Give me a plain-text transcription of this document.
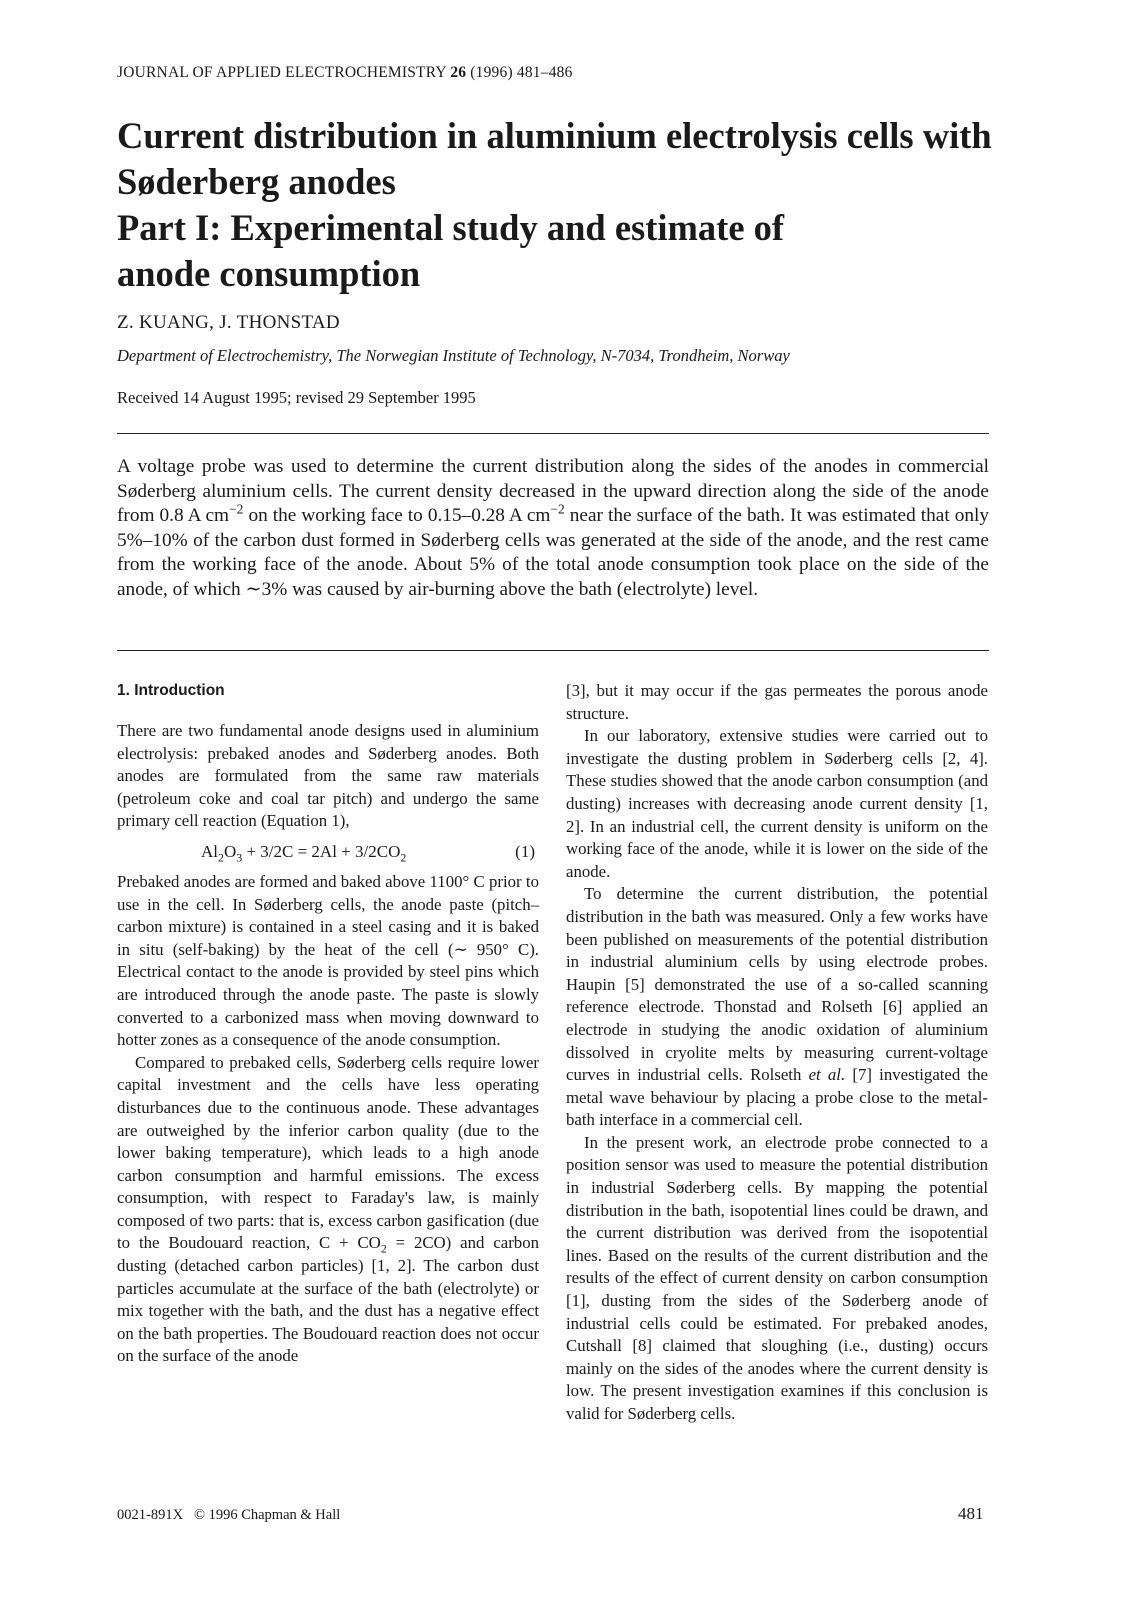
JOURNAL OF APPLIED ELECTROCHEMISTRY 26 (1996) 481–486
Current distribution in aluminium electrolysis cells with
Søderberg anodes
Part I: Experimental study and estimate of
anode consumption
Z. KUANG, J. THONSTAD
Department of Electrochemistry, The Norwegian Institute of Technology, N-7034, Trondheim, Norway
Received 14 August 1995; revised 29 September 1995

A voltage probe was used to determine the current distribution along the sides of the anodes in commercial Søderberg aluminium cells. The current density decreased in the upward direction along the side of the anode from 0.8 A $cm^{-2}$ on the working face to 0.15–0.28 A $cm^{-2}$ near the surface of the bath. It was estimated that only 5%–10% of the carbon dust formed in Søderberg cells was generated at the side of the anode, and the rest came from the working face of the anode. About 5% of the total anode consumption took place on the side of the anode, of which ∼3% was caused by air-burning above the bath (electrolyte) level.

1. Introduction

There are two fundamental anode designs used in aluminium electrolysis: prebaked anodes and Søderberg anodes. Both anodes are formulated from the same raw materials (petroleum coke and coal tar pitch) and undergo the same primary cell reaction (Equation 1),

$Al_2O_3 + 3/2C = 2Al + 3/2CO_2$	(1)

Prebaked anodes are formed and baked above 1100° C prior to use in the cell. In Søderberg cells, the anode paste (pitch–carbon mixture) is contained in a steel casing and it is baked in situ (self-baking) by the heat of the cell (∼ 950° C). Electrical contact to the anode is provided by steel pins which are introduced through the anode paste. The paste is slowly converted to a carbonized mass when moving downward to hotter zones as a consequence of the anode consumption.

Compared to prebaked cells, Søderberg cells require lower capital investment and the cells have less operating disturbances due to the continuous anode. These advantages are outweighed by the inferior carbon quality (due to the lower baking temperature), which leads to a high anode carbon consumption and harmful emissions. The excess consumption, with respect to Faraday's law, is mainly composed of two parts: that is, excess carbon gasification (due to the Boudouard reaction, $C + CO_2 = 2CO$) and carbon dusting (detached carbon particles) [1, 2]. The carbon dust particles accumulate at the surface of the bath (electrolyte) or mix together with the bath, and the dust has a negative effect on the bath properties. The Boudouard reaction does not occur on the surface of the anode

[3], but it may occur if the gas permeates the porous anode structure.

In our laboratory, extensive studies were carried out to investigate the dusting problem in Søderberg cells [2, 4]. These studies showed that the anode carbon consumption (and dusting) increases with decreasing anode current density [1, 2]. In an industrial cell, the current density is uniform on the working face of the anode, while it is lower on the side of the anode.

To determine the current distribution, the potential distribution in the bath was measured. Only a few works have been published on measurements of the potential distribution in industrial aluminium cells by using electrode probes. Haupin [5] demonstrated the use of a so-called scanning reference electrode. Thonstad and Rolseth [6] applied an electrode in studying the anodic oxidation of aluminium dissolved in cryolite melts by measuring current-voltage curves in industrial cells. Rolseth et al. [7] investigated the metal wave behaviour by placing a probe close to the metal-bath interface in a commercial cell.

In the present work, an electrode probe connected to a position sensor was used to measure the potential distribution in industrial Søderberg cells. By mapping the potential distribution in the bath, isopotential lines could be drawn, and the current distribution was derived from the isopotential lines. Based on the results of the current distribution and the results of the effect of current density on carbon consumption [1], dusting from the sides of the Søderberg anode of industrial cells could be estimated. For prebaked anodes, Cutshall [8] claimed that sloughing (i.e., dusting) occurs mainly on the sides of the anodes where the current density is low. The present investigation examines if this conclusion is valid for Søderberg cells.

0021-891X © 1996 Chapman & Hall	481
